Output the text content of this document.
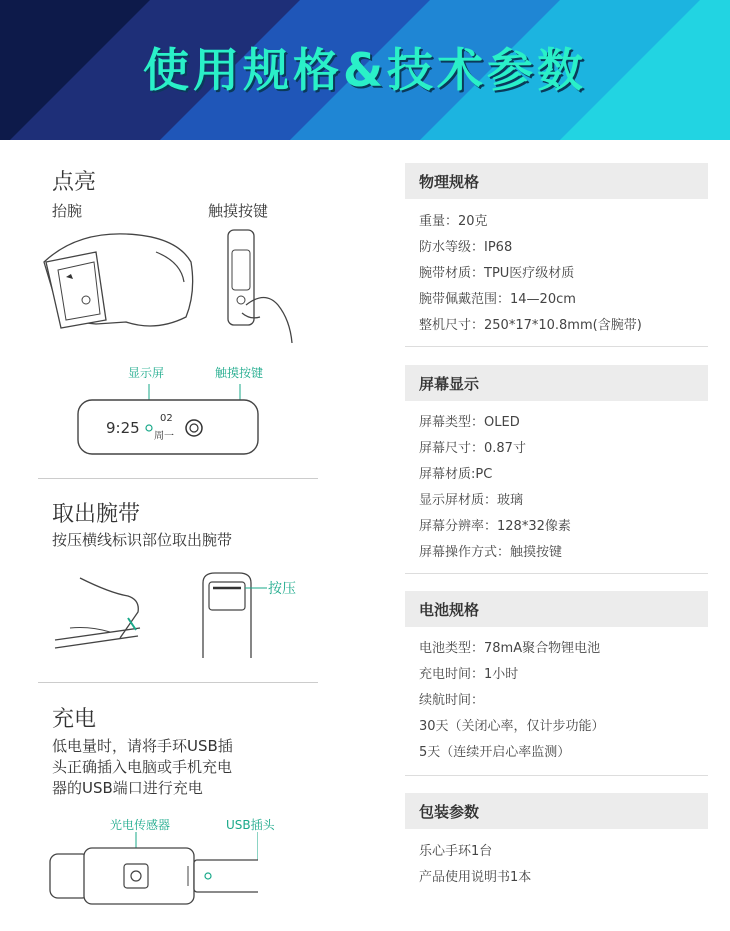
使用规格&技术参数
点亮
抬腕	触摸按键
显示屏	触摸按键
9:25
02
周一
取出腕带
按压横线标识部位取出腕带
按压
充电
低电量时，请将手环USB插
头正确插入电脑或手机充电
器的USB端口进行充电
光电传感器	USB插头
物理规格
重量：20克
防水等级：IP68
腕带材质：TPU医疗级材质
腕带佩戴范围：14—20cm
整机尺寸：250*17*10.8mm(含腕带)
屏幕显示
屏幕类型：OLED
屏幕尺寸：0.87寸
屏幕材质:PC
显示屏材质：玻璃
屏幕分辨率：128*32像素
屏幕操作方式：触摸按键
电池规格
电池类型：78mA聚合物锂电池
充电时间：1小时
续航时间：
30天（关闭心率，仅计步功能）
5天（连续开启心率监测）
包装参数
乐心手环1台
产品使用说明书1本
